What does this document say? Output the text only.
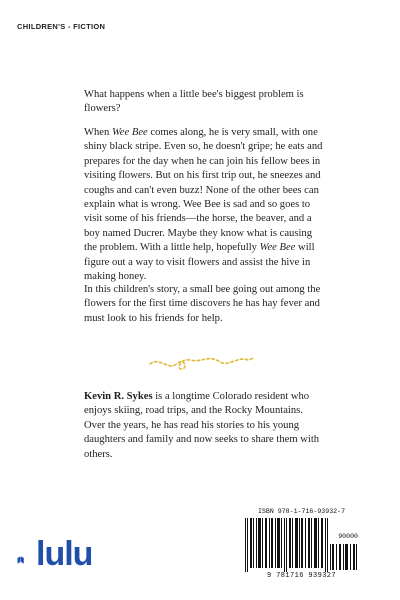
CHILDREN'S - FICTION

What happens when a little bee's biggest problem is flowers?

When Wee Bee comes along, he is very small, with one shiny black stripe. Even so, he doesn't gripe; he eats and prepares for the day when he can join his fellow bees in visiting flowers. But on his first trip out, he sneezes and coughs and can't even buzz! None of the other bees can explain what is wrong. Wee Bee is sad and so goes to visit some of his friends—the horse, the beaver, and a boy named Ducrer. Maybe they know what is causing the problem. With a little help, hopefully Wee Bee will figure out a way to visit flowers and assist the hive in making honey.

In this children's story, a small bee going out among the flowers for the first time discovers he has hay fever and must look to his friends for help.

Kevin R. Sykes is a longtime Colorado resident who enjoys skiing, road trips, and the Rocky Mountains. Over the years, he has read his stories to his young daughters and family and now seeks to share them with others.

ISBN 978-1-716-93932-7
90000
9 781716 939327
lulu
